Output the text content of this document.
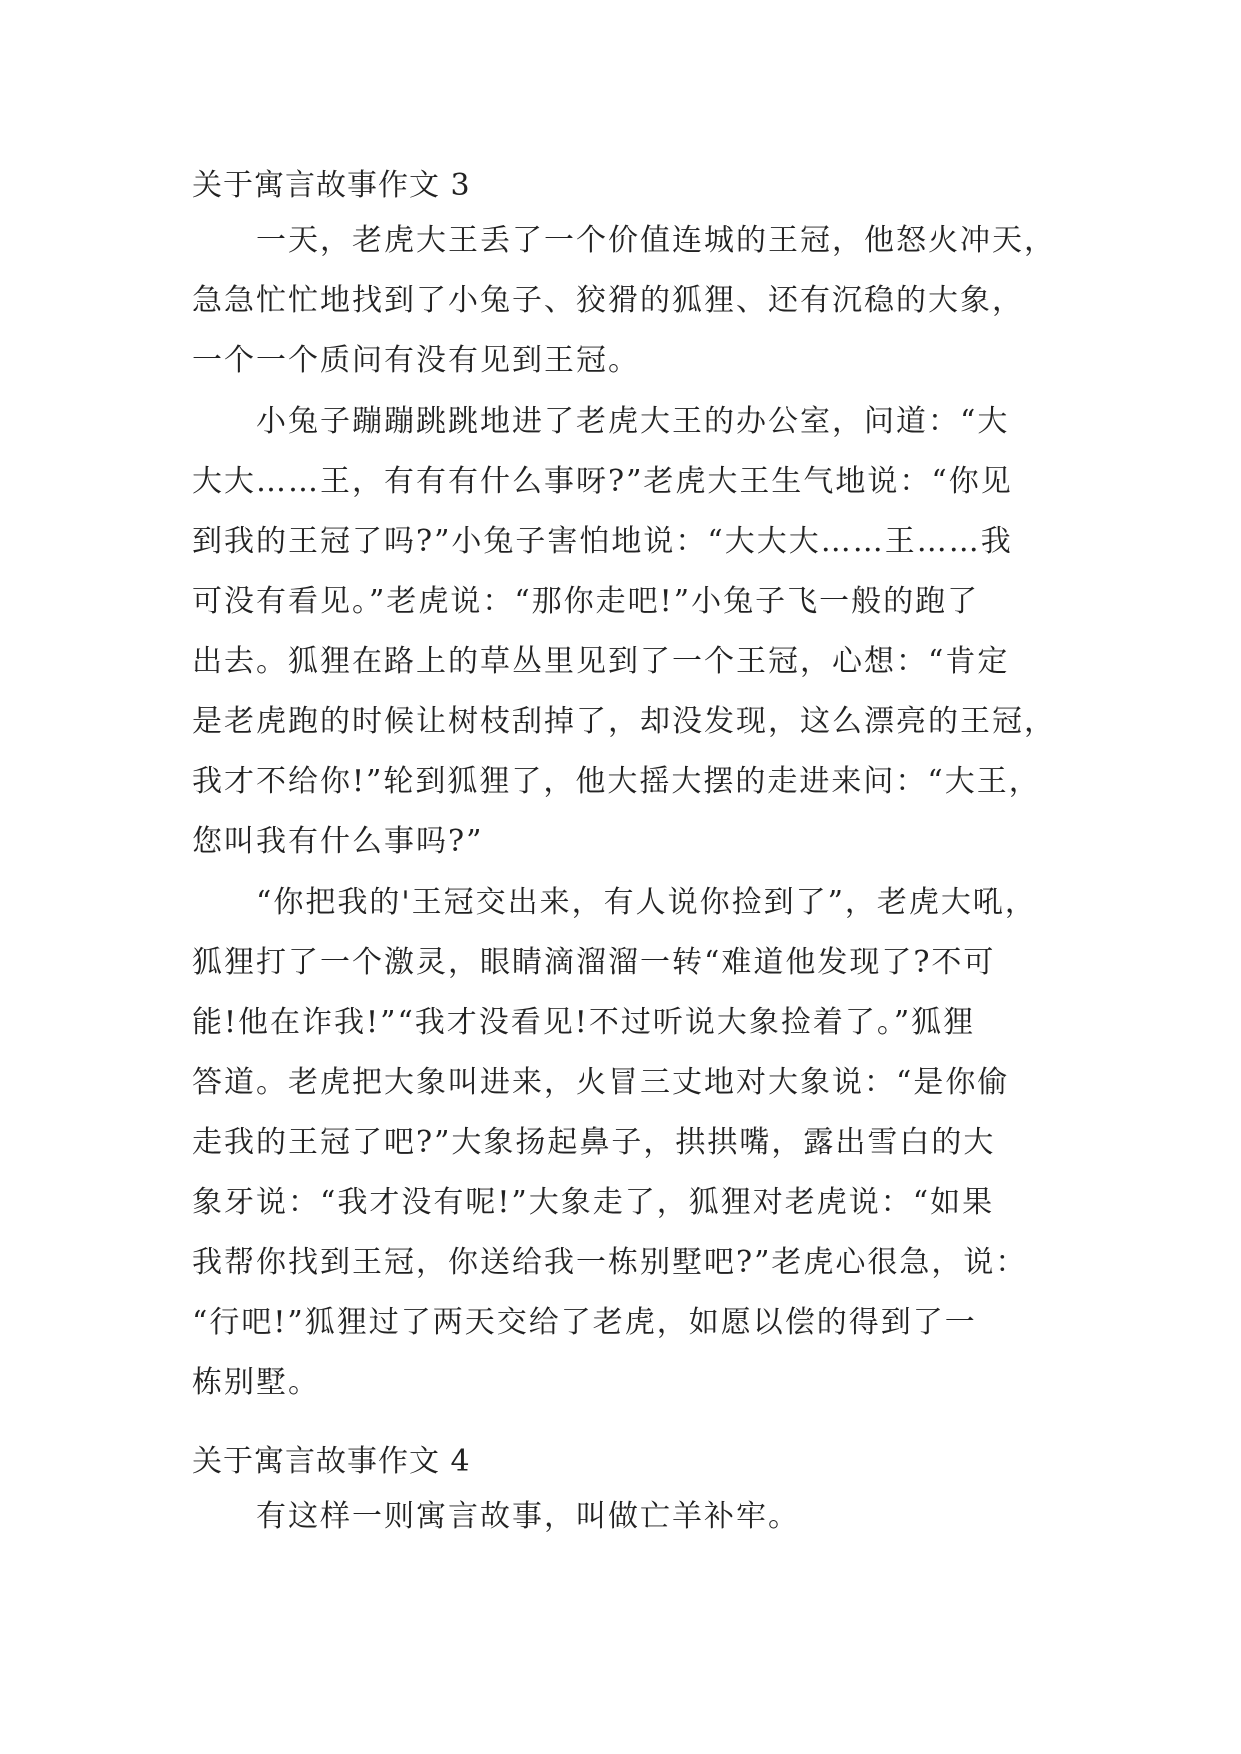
关于寓言故事作文 3
一天，老虎大王丢了一个价值连城的王冠，他怒火冲天，
急急忙忙地找到了小兔子、狡猾的狐狸、还有沉稳的大象，
一个一个质问有没有见到王冠。
小兔子蹦蹦跳跳地进了老虎大王的办公室，问道：“大
大大……王，有有有什么事呀?”老虎大王生气地说：“你见
到我的王冠了吗?”小兔子害怕地说：“大大大……王……我
可没有看见。”老虎说：“那你走吧!”小兔子飞一般的跑了
出去。狐狸在路上的草丛里见到了一个王冠，心想：“肯定
是老虎跑的时候让树枝刮掉了，却没发现，这么漂亮的王冠，
我才不给你!”轮到狐狸了，他大摇大摆的走进来问：“大王，
您叫我有什么事吗?”
“你把我的'王冠交出来，有人说你捡到了”，老虎大吼，
狐狸打了一个激灵，眼睛滴溜溜一转“难道他发现了?不可
能!他在诈我!”“我才没看见!不过听说大象捡着了。”狐狸
答道。老虎把大象叫进来，火冒三丈地对大象说：“是你偷
走我的王冠了吧?”大象扬起鼻子，拱拱嘴，露出雪白的大
象牙说：“我才没有呢!”大象走了，狐狸对老虎说：“如果
我帮你找到王冠，你送给我一栋别墅吧?”老虎心很急，说：
“行吧!”狐狸过了两天交给了老虎，如愿以偿的得到了一
栋别墅。
关于寓言故事作文 4
有这样一则寓言故事，叫做亡羊补牢。
